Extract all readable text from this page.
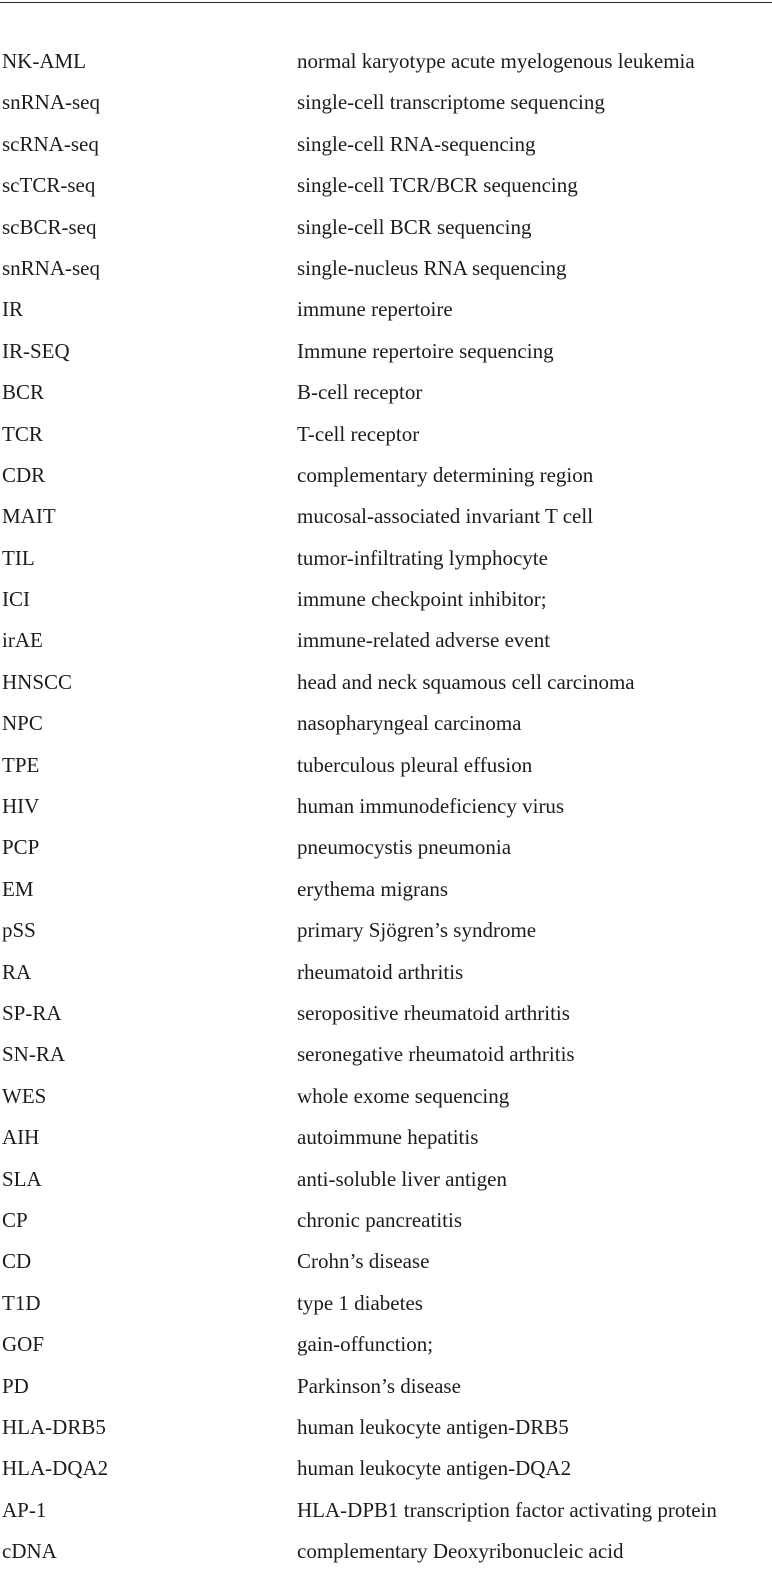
NK-AML	normal karyotype acute myelogenous leukemia
snRNA-seq	single-cell transcriptome sequencing
scRNA-seq	single-cell RNA-sequencing
scTCR-seq	single-cell TCR/BCR sequencing
scBCR-seq	single-cell BCR sequencing
snRNA-seq	single-nucleus RNA sequencing
IR	immune repertoire
IR-SEQ	Immune repertoire sequencing
BCR	B-cell receptor
TCR	T-cell receptor
CDR	complementary determining region
MAIT	mucosal-associated invariant T cell
TIL	tumor-infiltrating lymphocyte
ICI	immune checkpoint inhibitor;
irAE	immune-related adverse event
HNSCC	head and neck squamous cell carcinoma
NPC	nasopharyngeal carcinoma
TPE	tuberculous pleural effusion
HIV	human immunodeficiency virus
PCP	pneumocystis pneumonia
EM	erythema migrans
pSS	primary Sjögren’s syndrome
RA	rheumatoid arthritis
SP-RA	seropositive rheumatoid arthritis
SN-RA	seronegative rheumatoid arthritis
WES	whole exome sequencing
AIH	autoimmune hepatitis
SLA	anti-soluble liver antigen
CP	chronic pancreatitis
CD	Crohn’s disease
T1D	type 1 diabetes
GOF	gain-offunction;
PD	Parkinson’s disease
HLA-DRB5	human leukocyte antigen-DRB5
HLA-DQA2	human leukocyte antigen-DQA2
AP-1	HLA-DPB1 transcription factor activating protein
cDNA	complementary Deoxyribonucleic acid
